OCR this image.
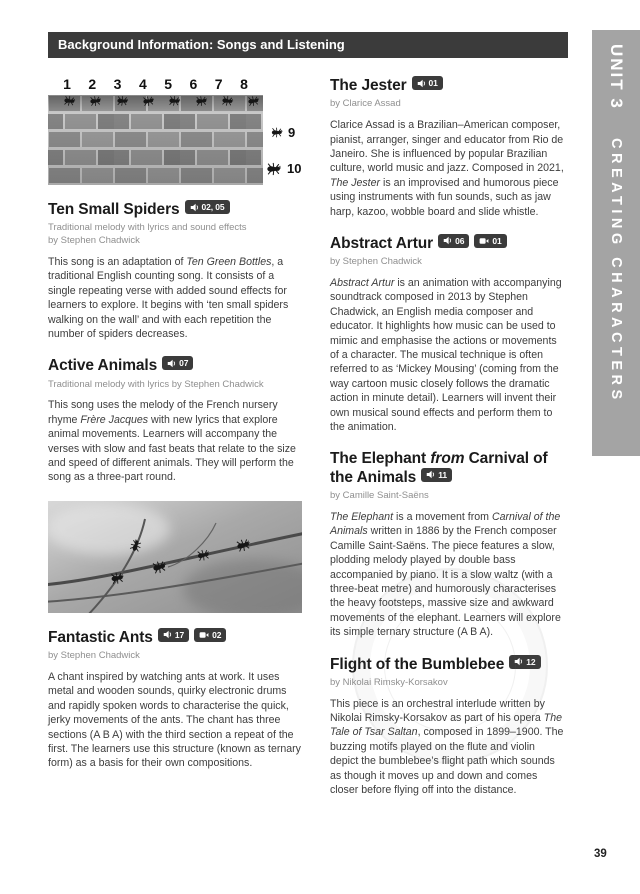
Background Information: Songs and Listening	UNIT 3
CREATING CHARACTERS
1 2 3 4 5 6 7 8
9
10
Ten Small Spiders	02, 05
Traditional melody with lyrics and sound effects
by Stephen Chadwick

This song is an adaptation of Ten Green Bottles, a traditional English counting song. It consists of a single repeating verse with added sound effects for learners to explore. It begins with ‘ten small spiders walking on the wall’ and with each repetition the number of spiders decreases.

Active Animals	07
Traditional melody with lyrics by Stephen Chadwick

This song uses the melody of the French nursery rhyme Frère Jacques with new lyrics that explore animal movements. Learners will accompany the verses with slow and fast beats that relate to the size and speed of different animals. They will perform the song as a three-part round.

Fantastic Ants	17	02
by Stephen Chadwick

A chant inspired by watching ants at work. It uses metal and wooden sounds, quirky electronic drums and rapidly spoken words to characterise the quick, jerky movements of the ants. The chant has three sections (A B A) with the third section a repeat of the first. The learners use this structure (known as ternary form) as a basis for their own compositions.

The Jester	01
by Clarice Assad

Clarice Assad is a Brazilian–American composer, pianist, arranger, singer and educator from Rio de Janeiro. She is influenced by popular Brazilian culture, world music and jazz. Composed in 2021, The Jester is an improvised and humorous piece using instruments with fun sounds, such as jaw harp, kazoo, wobble board and slide whistle.

Abstract Artur	06	01
by Stephen Chadwick

Abstract Artur is an animation with accompanying soundtrack composed in 2013 by Stephen Chadwick, an English media composer and educator. It highlights how music can be used to mimic and emphasise the actions or movements of a character. The musical technique is often referred to as ‘Mickey Mousing’ (coming from the way cartoon music closely follows the dramatic action in minute detail). Learners will invent their own musical sound effects and perform them to the animation.

The Elephant from Carnival of the Animals	11
by Camille Saint-Saëns

The Elephant is a movement from Carnival of the Animals written in 1886 by the French composer Camille Saint-Saëns. The piece features a slow, plodding melody played by double bass accompanied by piano. It is a slow waltz (with a three-beat metre) and humorously characterises the heavy footsteps, massive size and awkward movements of the elephant. Learners will explore its simple ternary structure (A B A).

Flight of the Bumblebee	12
by Nikolai Rimsky-Korsakov

This piece is an orchestral interlude written by Nikolai Rimsky-Korsakov as part of his opera The Tale of Tsar Saltan, composed in 1899–1900. The buzzing motifs played on the flute and violin depict the bumblebee’s flight path which sounds as though it moves up and down and comes closer before flying off into the distance.

39
